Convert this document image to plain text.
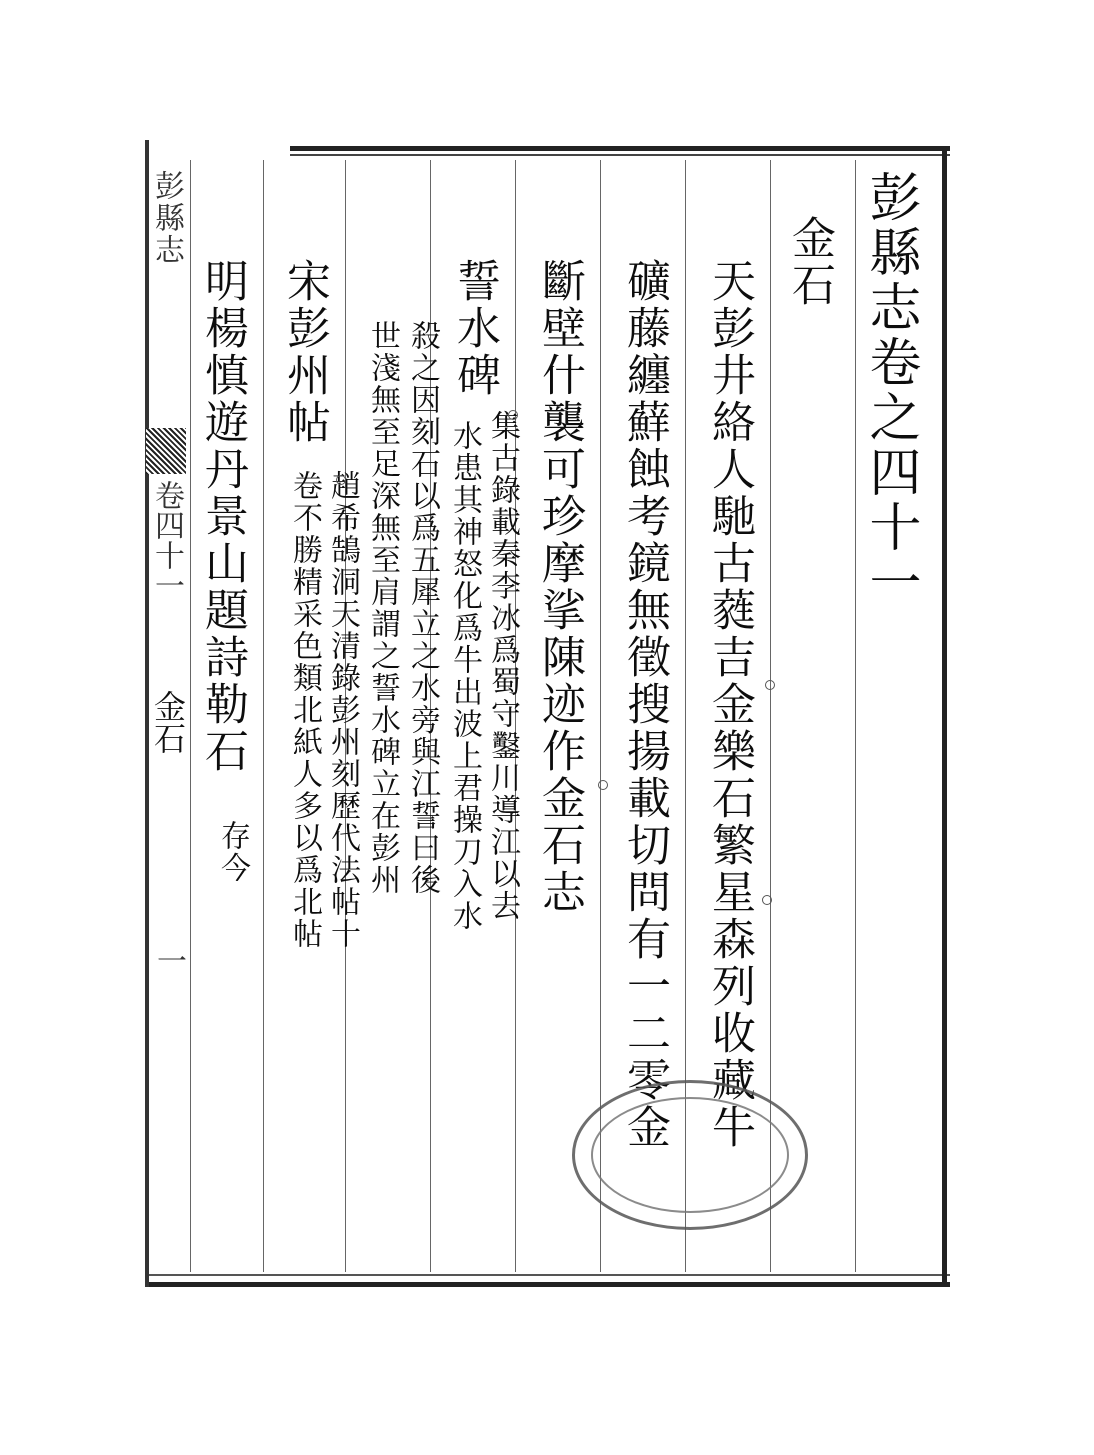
彭縣志
卷四十一
金石
一
彭縣志卷之四十一
金石
天彭井絡人馳古蕤吉金樂石繁星森列收藏牛
礦藤纏蘚蝕考鏡無徵搜揚載切問有一二零金
斷壁什襲可珍摩挲陳迹作金石志
誓水碑
集古錄載秦李冰爲蜀守鑿川導江以去
水患其神怒化爲牛出波上君操刀入水
殺之因刻石以爲五犀立之水旁與江誓曰後
世淺無至足深無至肩謂之誓水碑立在彭州
宋彭州帖
趙希鵠洞天清錄彭州刻歷代法帖十
卷不勝精采色類北紙人多以爲北帖
明楊慎遊丹景山題詩勒石
存今
